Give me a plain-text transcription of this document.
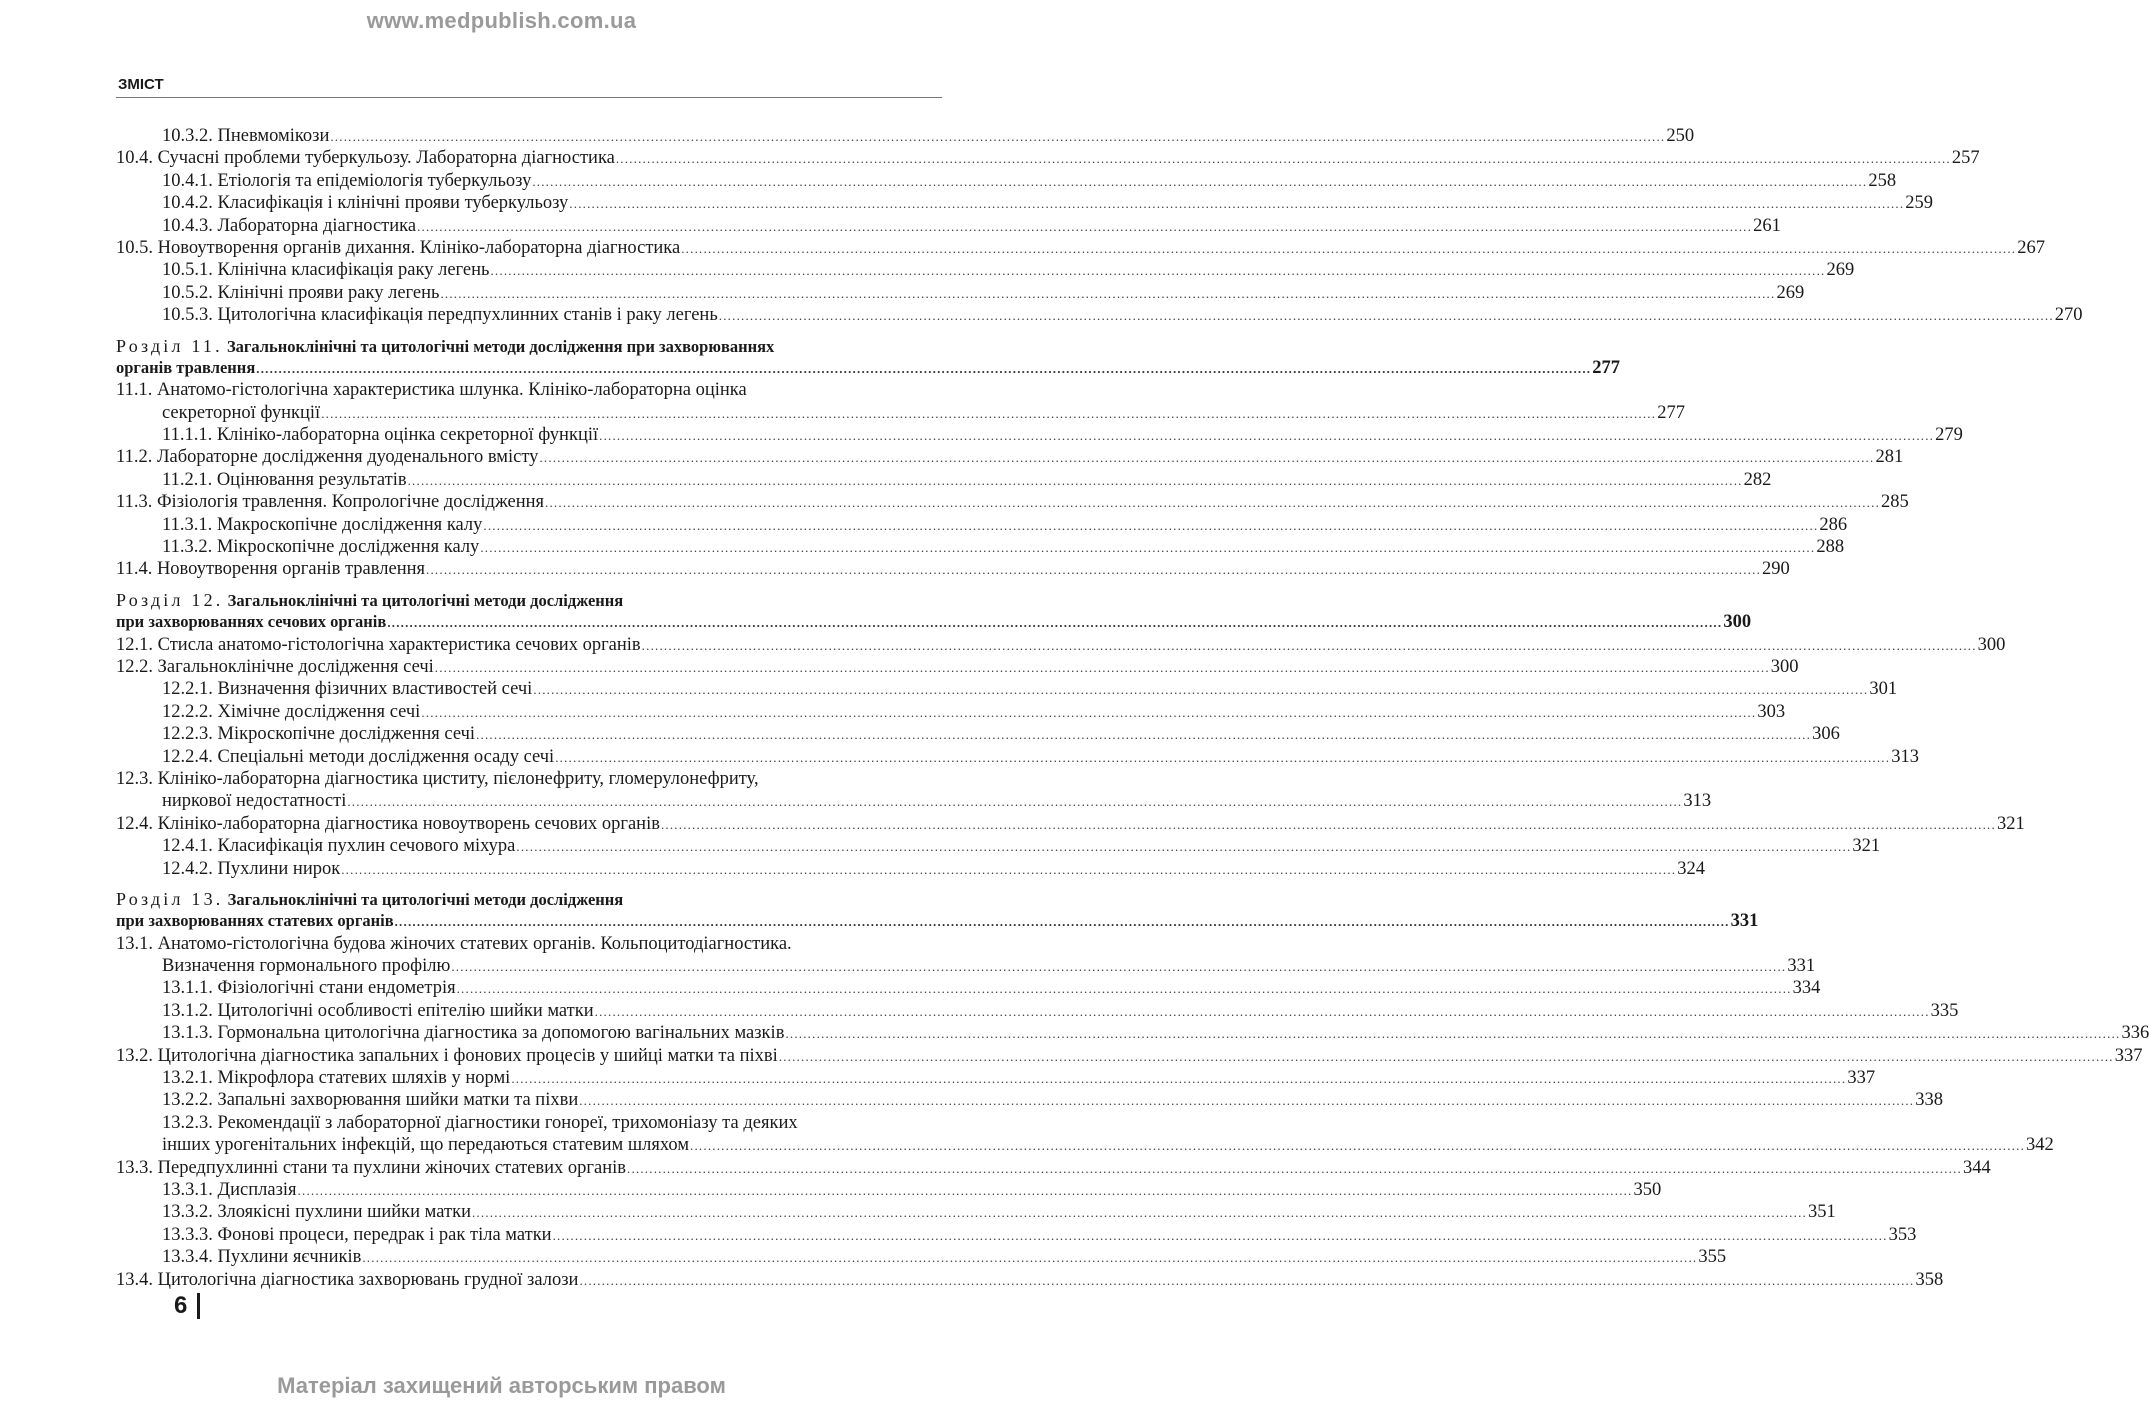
www.medpublish.com.ua
ЗМІСТ
10.3.2. Пневмомікози ............................................................................................................................................................................................................................................................................................................ 250
10.4. Сучасні проблеми туберкульозу. Лабораторна діагностика ............................................................................................................................................................................................................................................................................................................ 257
10.4.1. Етіологія та епідеміологія туберкульозу ............................................................................................................................................................................................................................................................................................................ 258
10.4.2. Класифікація і клінічні прояви туберкульозу ............................................................................................................................................................................................................................................................................................................ 259
10.4.3. Лабораторна діагностика ............................................................................................................................................................................................................................................................................................................ 261
10.5. Новоутворення органів дихання. Клініко-лабораторна діагностика ............................................................................................................................................................................................................................................................................................................ 267
10.5.1. Клінічна класифікація раку легень ............................................................................................................................................................................................................................................................................................................ 269
10.5.2. Клінічні прояви раку легень ............................................................................................................................................................................................................................................................................................................ 269
10.5.3. Цитологічна класифікація передпухлинних станів і раку легень ............................................................................................................................................................................................................................................................................................................ 270
Розділ 11. Загальноклінічні та цитологічні методи дослідження при захворюваннях
органів травлення ............................................................................................................................................................................................................................................................................................................ 277
11.1. Анатомо-гістологічна характеристика шлунка. Клініко-лабораторна оцінка
секреторної функції ............................................................................................................................................................................................................................................................................................................ 277
11.1.1. Клініко-лабораторна оцінка секреторної функції ............................................................................................................................................................................................................................................................................................................ 279
11.2. Лабораторне дослідження дуоденального вмісту ............................................................................................................................................................................................................................................................................................................ 281
11.2.1. Оцінювання результатів ............................................................................................................................................................................................................................................................................................................ 282
11.3. Фізіологія травлення. Копрологічне дослідження ............................................................................................................................................................................................................................................................................................................ 285
11.3.1. Макроскопічне дослідження калу ............................................................................................................................................................................................................................................................................................................ 286
11.3.2. Мікроскопічне дослідження калу ............................................................................................................................................................................................................................................................................................................ 288
11.4. Новоутворення органів травлення ............................................................................................................................................................................................................................................................................................................ 290
Розділ 12. Загальноклінічні та цитологічні методи дослідження
при захворюваннях сечових органів ............................................................................................................................................................................................................................................................................................................ 300
12.1. Стисла анатомо-гістологічна характеристика сечових органів ............................................................................................................................................................................................................................................................................................................ 300
12.2. Загальноклінічне дослідження сечі ............................................................................................................................................................................................................................................................................................................ 300
12.2.1. Визначення фізичних властивостей сечі ............................................................................................................................................................................................................................................................................................................ 301
12.2.2. Хімічне дослідження сечі ............................................................................................................................................................................................................................................................................................................ 303
12.2.3. Мікроскопічне дослідження сечі ............................................................................................................................................................................................................................................................................................................ 306
12.2.4. Спеціальні методи дослідження осаду сечі ............................................................................................................................................................................................................................................................................................................ 313
12.3. Клініко-лабораторна діагностика циститу, пієлонефриту, гломерулонефриту,
ниркової недостатності ............................................................................................................................................................................................................................................................................................................ 313
12.4. Клініко-лабораторна діагностика новоутворень сечових органів ............................................................................................................................................................................................................................................................................................................ 321
12.4.1. Класифікація пухлин сечового міхура ............................................................................................................................................................................................................................................................................................................ 321
12.4.2. Пухлини нирок ............................................................................................................................................................................................................................................................................................................ 324
Розділ 13. Загальноклінічні та цитологічні методи дослідження
при захворюваннях статевих органів ............................................................................................................................................................................................................................................................................................................ 331
13.1. Анатомо-гістологічна будова жіночих статевих органів. Кольпоцитодіагностика.
Визначення гормонального профілю ............................................................................................................................................................................................................................................................................................................ 331
13.1.1. Фізіологічні стани ендометрія ............................................................................................................................................................................................................................................................................................................ 334
13.1.2. Цитологічні особливості епітелію шийки матки ............................................................................................................................................................................................................................................................................................................ 335
13.1.3. Гормональна цитологічна діагностика за допомогою вагінальних мазків ............................................................................................................................................................................................................................................................................................................ 336
13.2. Цитологічна діагностика запальних і фонових процесів у шийці матки та піхві ............................................................................................................................................................................................................................................................................................................ 337
13.2.1. Мікрофлора статевих шляхів у нормі ............................................................................................................................................................................................................................................................................................................ 337
13.2.2. Запальні захворювання шийки матки та піхви ............................................................................................................................................................................................................................................................................................................ 338
13.2.3. Рекомендації з лабораторної діагностики гонореї, трихомоніазу та деяких
інших урогенітальних інфекцій, що передаються статевим шляхом ............................................................................................................................................................................................................................................................................................................ 342
13.3. Передпухлинні стани та пухлини жіночих статевих органів ............................................................................................................................................................................................................................................................................................................ 344
13.3.1. Дисплазія ............................................................................................................................................................................................................................................................................................................ 350
13.3.2. Злоякісні пухлини шийки матки ............................................................................................................................................................................................................................................................................................................ 351
13.3.3. Фонові процеси, передрак і рак тіла матки ............................................................................................................................................................................................................................................................................................................ 353
13.3.4. Пухлини яєчників ............................................................................................................................................................................................................................................................................................................ 355
13.4. Цитологічна діагностика захворювань грудної залози ............................................................................................................................................................................................................................................................................................................ 358
6
Матеріал захищений авторським правом
